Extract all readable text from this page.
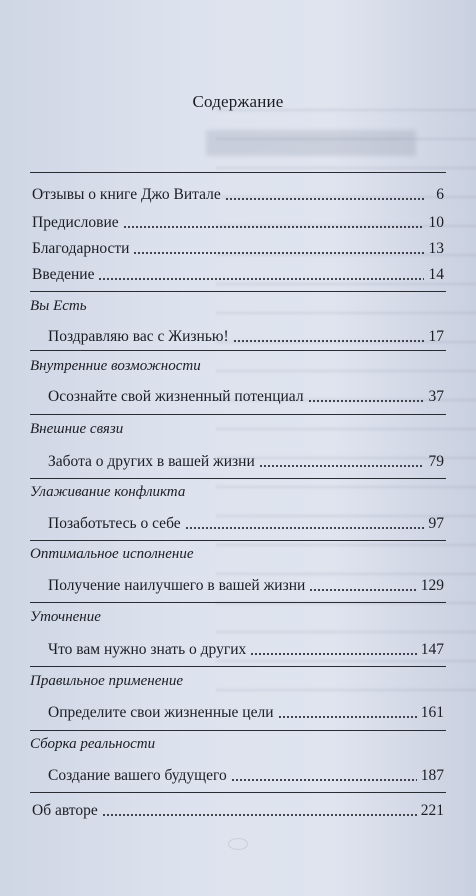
Содержание
Отзывы о книге Джо Витале	6
Предисловие	10
Благодарности	13
Введение	14
Вы Есть
Поздравляю вас с Жизнью!	17
Внутренние возможности
Осознайте свой жизненный потенциал	37
Внешние связи
Забота о других в вашей жизни	79
Улаживание конфликта
Позаботьтесь о себе	97
Оптимальное исполнение
Получение наилучшего в вашей жизни	129
Уточнение
Что вам нужно знать о других	147
Правильное применение
Определите свои жизненные цели	161
Сборка реальности
Создание вашего будущего	187
Об авторе	221
